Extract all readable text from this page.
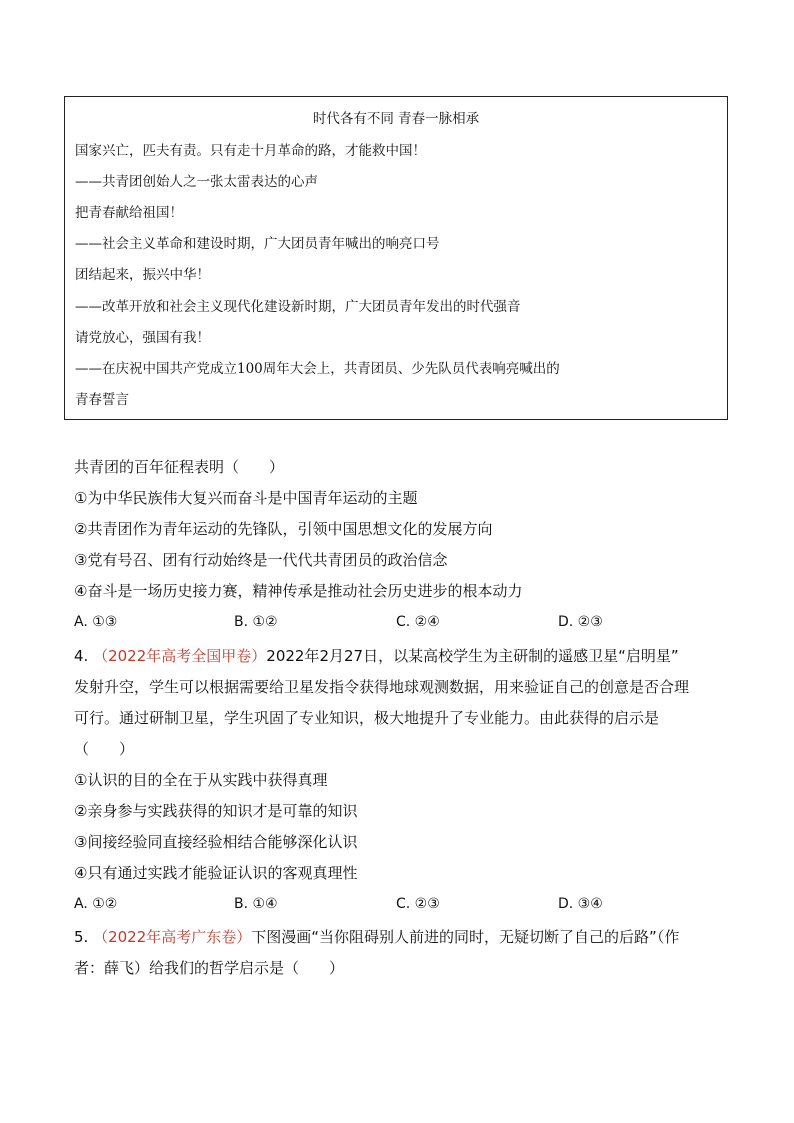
时代各有不同 青春一脉相承
国家兴亡，匹夫有责。只有走十月革命的路，才能救中国！
——共青团创始人之一张太雷表达的心声
把青春献给祖国！
——社会主义革命和建设时期，广大团员青年喊出的响亮口号
团结起来，振兴中华！
——改革开放和社会主义现代化建设新时期，广大团员青年发出的时代强音
请党放心，强国有我！
——在庆祝中国共产党成立100周年大会上，共青团员、少先队员代表响亮喊出的
青春誓言
共青团的百年征程表明（　　）
①为中华民族伟大复兴而奋斗是中国青年运动的主题
②共青团作为青年运动的先锋队，引领中国思想文化的发展方向
③党有号召、团有行动始终是一代代共青团员的政治信念
④奋斗是一场历史接力赛，精神传承是推动社会历史进步的根本动力
A. ①③	B. ①②	C. ②④	D. ②③
4. （2022年高考全国甲卷）2022年2月27日，以某高校学生为主研制的遥感卫星“启明星”
发射升空，学生可以根据需要给卫星发指令获得地球观测数据，用来验证自己的创意是否合理
可行。通过研制卫星，学生巩固了专业知识，极大地提升了专业能力。由此获得的启示是
（　　）
①认识的目的全在于从实践中获得真理
②亲身参与实践获得的知识才是可靠的知识
③间接经验同直接经验相结合能够深化认识
④只有通过实践才能验证认识的客观真理性
A. ①②	B. ①④	C. ②③	D. ③④
5. （2022年高考广东卷）下图漫画“当你阻碍别人前进的同时，无疑切断了自己的后路”（作
者：薛飞）给我们的哲学启示是（　　）
